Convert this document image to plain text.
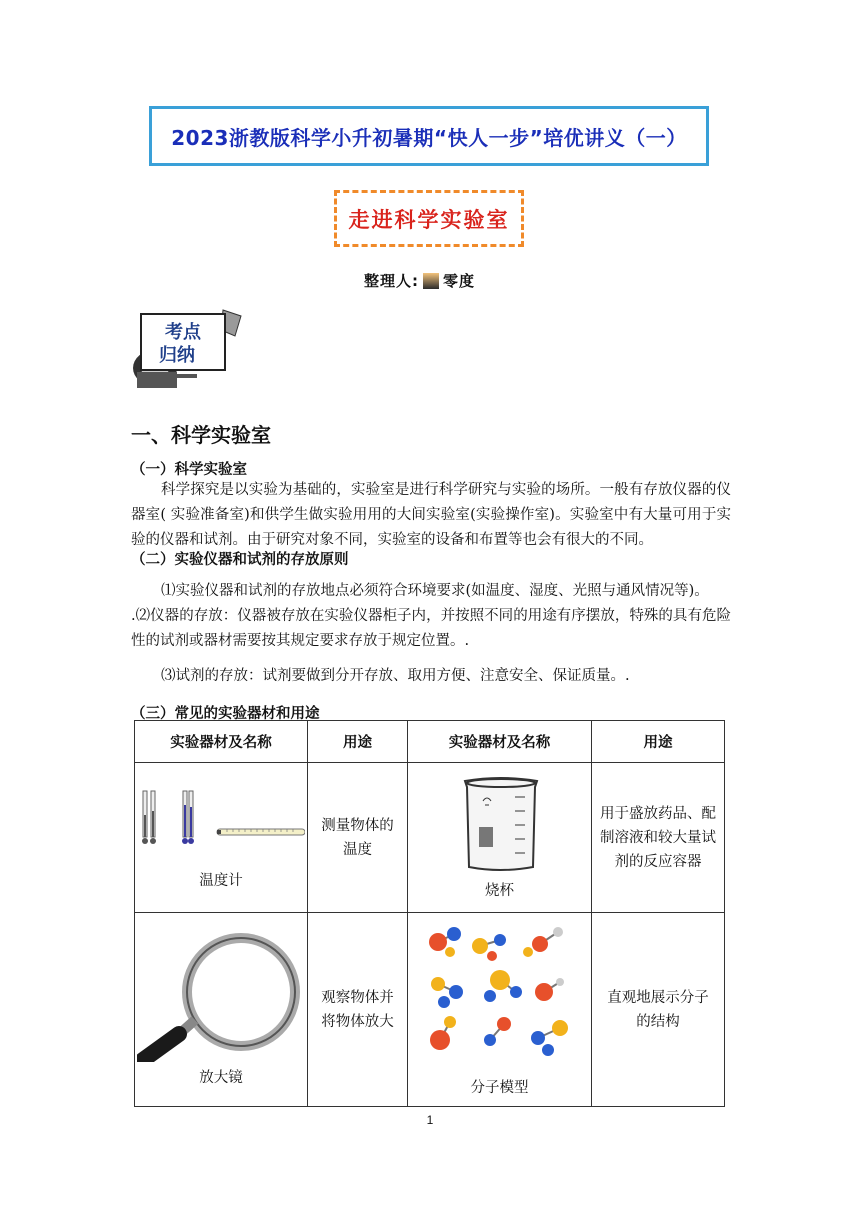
2023浙教版科学小升初暑期“快人一步”培优讲义（一）
走进科学实验室
整理人: 零度
考点
归纳
一、科学实验室
（一）科学实验室
科学探究是以实验为基础的，实验室是进行科学研究与实验的场所。一般有存放仪器的仪器室( 实验准备室)和供学生做实验用用的大间实验室(实验操作室)。实验室中有大量可用于实验的仪器和试剂。由于研究对象不同，实验室的设备和布置等也会有很大的不同。
（二）实验仪器和试剂的存放原则
⑴实验仪器和试剂的存放地点必须符合环境要求(如温度、湿度、光照与通风情况等)。
.⑵仪器的存放：仪器被存放在实验仪器柜子内，并按照不同的用途有序摆放，特殊的具有危险性的试剂或器材需要按其规定要求存放于规定位置。.
⑶试剂的存放：试剂要做到分开存放、取用方便、注意安全、保证质量。.
（三）常见的实验器材和用途
实验器材及名称	用途	实验器材及名称	用途

温度计	测量物体的温度	烧杯	用于盛放药品、配制溶液和较大量试剂的反应容器

放大镜	观察物体并将物体放大	分子模型	直观地展示分子的结构
1
